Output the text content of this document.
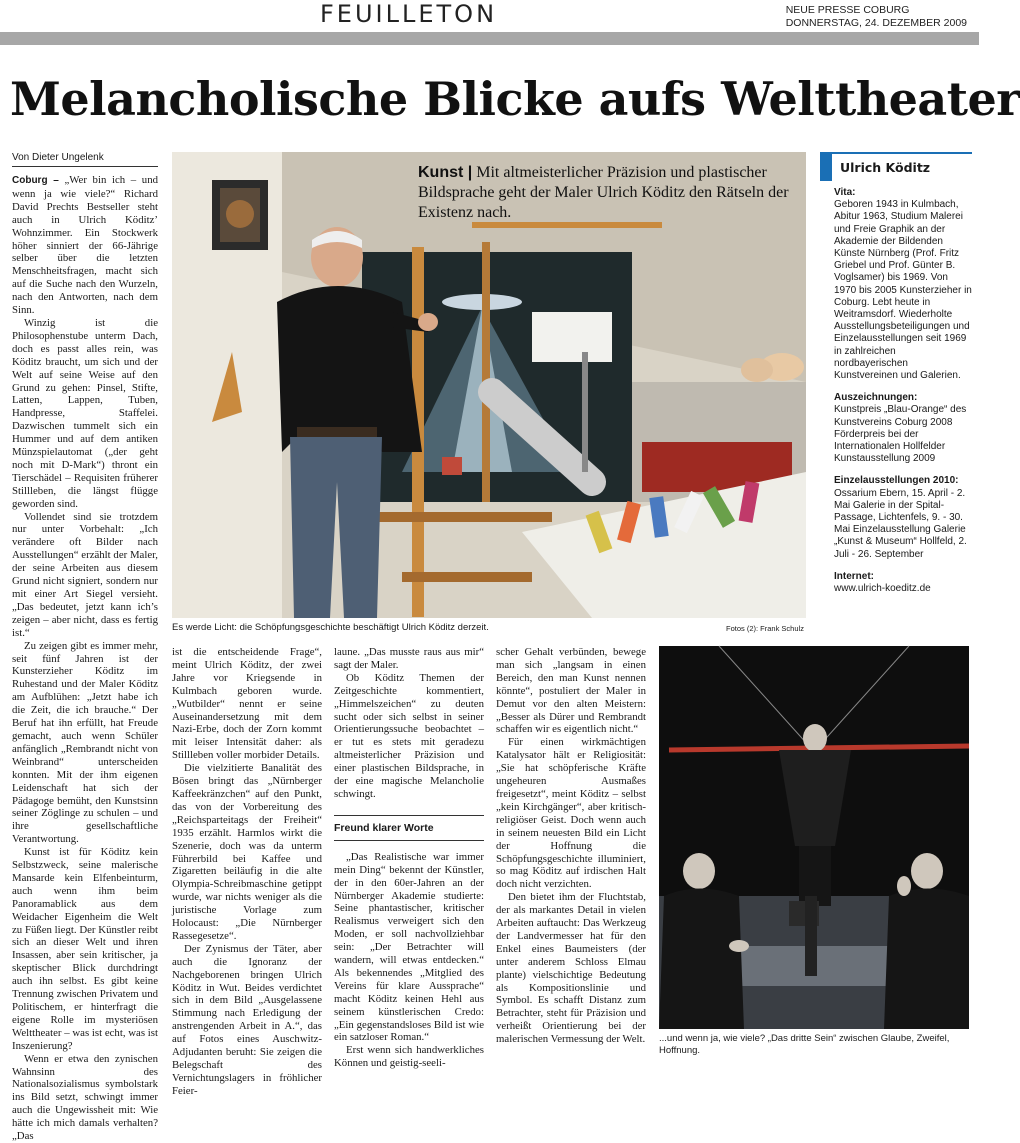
FEUILLETON	NEUE PRESSE COBURG
DONNERSTAG, 24. DEZEMBER 2009
Melancholische Blicke aufs Welttheater
Von Dieter Ungelenk

Coburg – „Wer bin ich – und wenn ja wie viele?“ Richard David Prechts Bestseller steht auch in Ulrich Köditz’ Wohnzimmer. Ein Stockwerk höher sinniert der 66-Jährige selber über die letzten Menschheitsfragen, macht sich auf die Suche nach den Wurzeln, nach den Antworten, nach dem Sinn.

Winzig ist die Philosophenstube unterm Dach, doch es passt alles rein, was Köditz braucht, um sich und der Welt auf seine Weise auf den Grund zu gehen: Pinsel, Stifte, Latten, Lappen, Tuben, Handpresse, Staffelei. Dazwischen tummelt sich ein Hummer und auf dem antiken Münzspielautomat („der geht noch mit D-Mark“) thront ein Tierschädel – Requisiten früherer Stillleben, die längst flügge geworden sind.

Vollendet sind sie trotzdem nur unter Vorbehalt: „Ich verändere oft Bilder nach Ausstellungen“ erzählt der Maler, der seine Arbeiten aus diesem Grund nicht signiert, sondern nur mit einer Art Siegel versieht. „Das bedeutet, jetzt kann ich’s zeigen – aber nicht, dass es fertig ist.“

Zu zeigen gibt es immer mehr, seit fünf Jahren ist der Kunsterzieher Köditz im Ruhestand und der Maler Köditz am Aufblühen: „Jetzt habe ich die Zeit, die ich brauche.“ Der Beruf hat ihn erfüllt, hat Freude gemacht, auch wenn Schüler anfänglich „Rembrandt nicht von Weinbrand“ unterscheiden konnten. Mit der ihm eigenen Leidenschaft hat sich der Pädagoge bemüht, den Kunstsinn seiner Zöglinge zu schulen – und ihre gesellschaftliche Verantwortung.

Kunst ist für Köditz kein Selbstzweck, seine malerische Mansarde kein Elfenbeinturm, auch wenn ihm beim Panoramablick aus dem Weidacher Eigenheim die Welt zu Füßen liegt. Der Künstler reibt sich an dieser Welt und ihren Insassen, aber sein kritischer, ja skeptischer Blick durchdringt auch ihn selbst. Es gibt keine Trennung zwischen Privatem und Politischem, er hinterfragt die eigene Rolle im mysteriösen Welttheater – was ist echt, was ist Inszenierung?

Wenn er etwa den zynischen Wahnsinn des Nationalsozialismus symbolstark ins Bild setzt, schwingt immer auch die Ungewissheit mit: Wie hätte ich mich damals verhalten? „Das

Kunst | Mit altmeisterlicher Präzision und plastischer Bildsprache geht der Maler Ulrich Köditz den Rätseln der Existenz nach.
Es werde Licht: die Schöpfungsgeschichte beschäftigt Ulrich Köditz derzeit.	Fotos (2): Frank Schulz
Ulrich Köditz
Vita:
Geboren 1943 in Kulmbach, Abitur 1963, Studium Malerei und Freie Graphik an der Akademie der Bildenden Künste Nürnberg (Prof. Fritz Griebel und Prof. Günter B. Voglsamer) bis 1969. Von 1970 bis 2005 Kunsterzieher in Coburg. Lebt heute in Weitramsdorf. Wiederholte Ausstellungsbeteiligungen und Einzelausstellungen seit 1969 in zahlreichen nordbayerischen Kunstvereinen und Galerien.
Auszeichnungen:
Kunstpreis „Blau-Orange“ des Kunstvereins Coburg 2008 Förderpreis bei der Internationalen Hollfelder Kunstausstellung 2009
Einzelausstellungen 2010:
Ossarium Ebern, 15. April - 2. Mai Galerie in der Spital-Passage, Lichtenfels, 9. - 30. Mai Einzelausstellung Galerie „Kunst & Museum“ Hollfeld, 2. Juli - 26. September
Internet:
www.ulrich-koeditz.de

ist die entscheidende Frage“, meint Ulrich Köditz, der zwei Jahre vor Kriegsende in Kulmbach geboren wurde. „Wutbilder“ nennt er seine Auseinandersetzung mit dem Nazi-Erbe, doch der Zorn kommt mit leiser Intensität daher: als Stillleben voller morbider Details.

Die vielzitierte Banalität des Bösen bringt das „Nürnberger Kaffeekränzchen“ auf den Punkt, das von der Vorbereitung des „Reichsparteitags der Freiheit“ 1935 erzählt. Harmlos wirkt die Szenerie, doch was da unterm Führerbild bei Kaffee und Zigaretten beiläufig in die alte Olympia-Schreibmaschine getippt wurde, war nichts weniger als die juristische Vorlage zum Holocaust: „Die Nürnberger Rassegesetze“.

Der Zynismus der Täter, aber auch die Ignoranz der Nachgeborenen bringen Ulrich Köditz in Wut. Beides verdichtet sich in dem Bild „Ausgelassene Stimmung nach Erledigung der anstrengenden Arbeit in A.“, das auf Fotos eines Auschwitz-Adjudanten beruht: Sie zeigen die Belegschaft des Vernichtungslagers in fröhlicher Feier-

laune. „Das musste raus aus mir“ sagt der Maler.

Ob Köditz Themen der Zeitgeschichte kommentiert, „Himmelszeichen“ zu deuten sucht oder sich selbst in seiner Orientierungssuche beobachtet – er tut es stets mit geradezu altmeisterlicher Präzision und einer plastischen Bildsprache, in der eine magische Melancholie schwingt.

Freund klarer Worte

„Das Realistische war immer mein Ding“ bekennt der Künstler, der in den 60er-Jahren an der Nürnberger Akademie studierte: Seine phantastischer, kritischer Realismus verweigert sich den Moden, er soll nachvollziehbar sein: „Der Betrachter will wandern, will etwas entdecken.“ Als bekennendes „Mitglied des Vereins für klare Aussprache“ macht Köditz keinen Hehl aus seinem künstlerischen Credo: „Ein gegenstandsloses Bild ist wie ein satzloser Roman.“

Erst wenn sich handwerkliches Können und geistig-seeli-

scher Gehalt verbünden, bewege man sich „langsam in einen Bereich, den man Kunst nennen könnte“, postuliert der Maler in Demut vor den alten Meistern: „Besser als Dürer und Rembrandt schaffen wir es eigentlich nicht.“

Für einen wirkmächtigen Katalysator hält er Religiosität: „Sie hat schöpferische Kräfte ungeheuren Ausmaßes freigesetzt“, meint Köditz – selbst „kein Kirchgänger“, aber kritisch-religiöser Geist. Doch wenn auch in seinem neuesten Bild ein Licht der Hoffnung die Schöpfungsgeschichte illuminiert, so mag Köditz auf irdischen Halt doch nicht verzichten.

Den bietet ihm der Fluchtstab, der als markantes Detail in vielen Arbeiten auftaucht: Das Werkzeug der Landvermesser hat für den Enkel eines Baumeisters (der unter anderem Schloss Elmau plante) vielschichtige Bedeutung als Kompositionslinie und Symbol. Es schafft Distanz zum Betrachter, steht für Präzision und verheißt Orientierung bei der malerischen Vermessung der Welt. ...und wenn ja, wie viele? „Das dritte Sein“ zwischen Glaube, Zweifel, Hoffnung.
